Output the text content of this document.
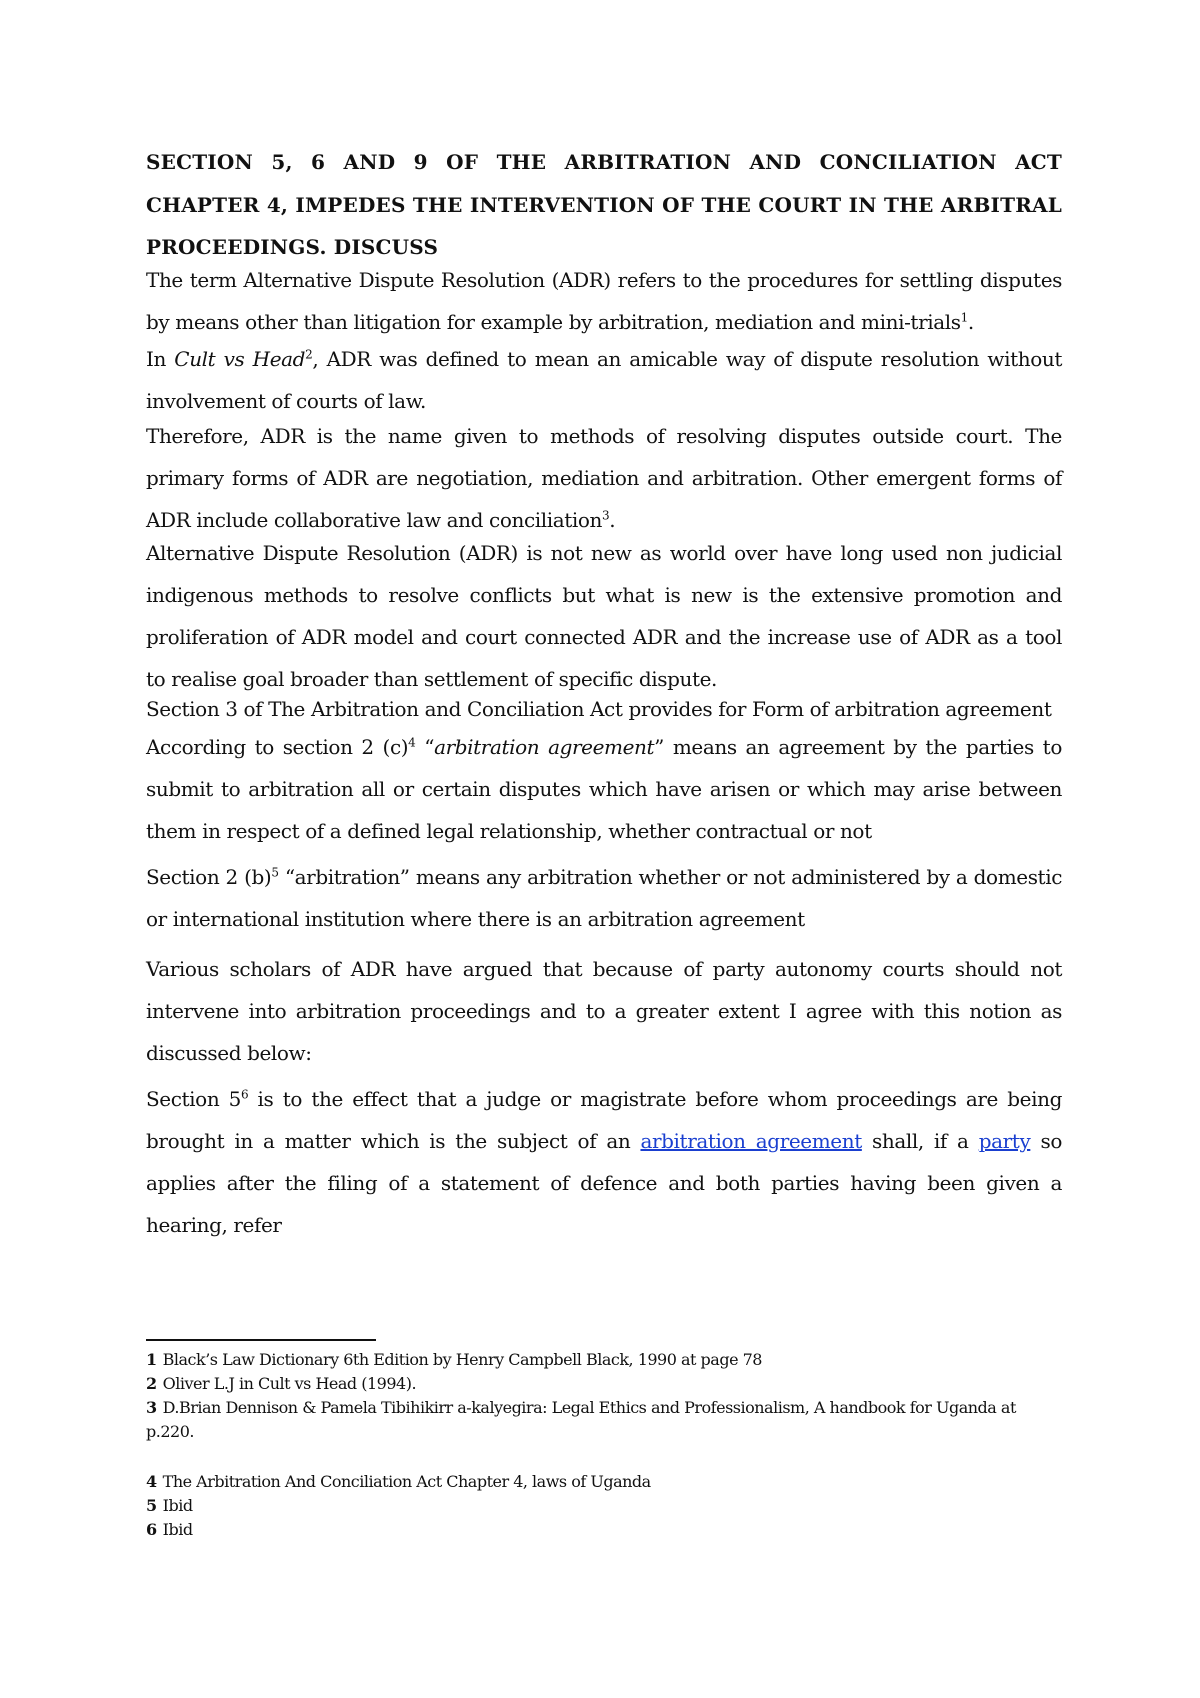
SECTION 5, 6 AND 9 OF THE ARBITRATION AND CONCILIATION ACT CHAPTER 4, IMPEDES THE INTERVENTION OF THE COURT IN THE ARBITRAL PROCEEDINGS. DISCUSS

The term Alternative Dispute Resolution (ADR) refers to the procedures for settling disputes by means other than litigation for example by arbitration, mediation and mini-trials$^1$.

In Cult vs Head$^2$, ADR was defined to mean an amicable way of dispute resolution without involvement of courts of law.

Therefore, ADR is the name given to methods of resolving disputes outside court. The primary forms of ADR are negotiation, mediation and arbitration. Other emergent forms of ADR include collaborative law and conciliation$^3$.

Alternative Dispute Resolution (ADR) is not new as world over have long used non judicial indigenous methods to resolve conflicts but what is new is the extensive promotion and proliferation of ADR model and court connected ADR and the increase use of ADR as a tool to realise goal broader than settlement of specific dispute.

Section 3 of The Arbitration and Conciliation Act provides for Form of arbitration agreement

According to section 2 $(c)^4$ “arbitration agreement” means an agreement by the parties to submit to arbitration all or certain disputes which have arisen or which may arise between them in respect of a defined legal relationship, whether contractual or not

Section 2 $(b)^5$ “arbitration” means any arbitration whether or not administered by a domestic or international institution where there is an arbitration agreement

Various scholars of ADR have argued that because of party autonomy courts should not intervene into arbitration proceedings and to a greater extent I agree with this notion as discussed below:

Section $5^6$ is to the effect that a judge or magistrate before whom proceedings are being brought in a matter which is the subject of an arbitration agreement shall, if a party so applies after the filing of a statement of defence and both parties having been given a hearing, refer

1 Black’s Law Dictionary 6th Edition by Henry Campbell Black, 1990 at page 78

2 Oliver L.J in Cult vs Head (1994).

3 D.Brian Dennison & Pamela Tibihikirr a-kalyegira: Legal Ethics and Professionalism, A handbook for Uganda at p.220.

4 The Arbitration And Conciliation Act Chapter 4, laws of Uganda

5 Ibid

6 Ibid
